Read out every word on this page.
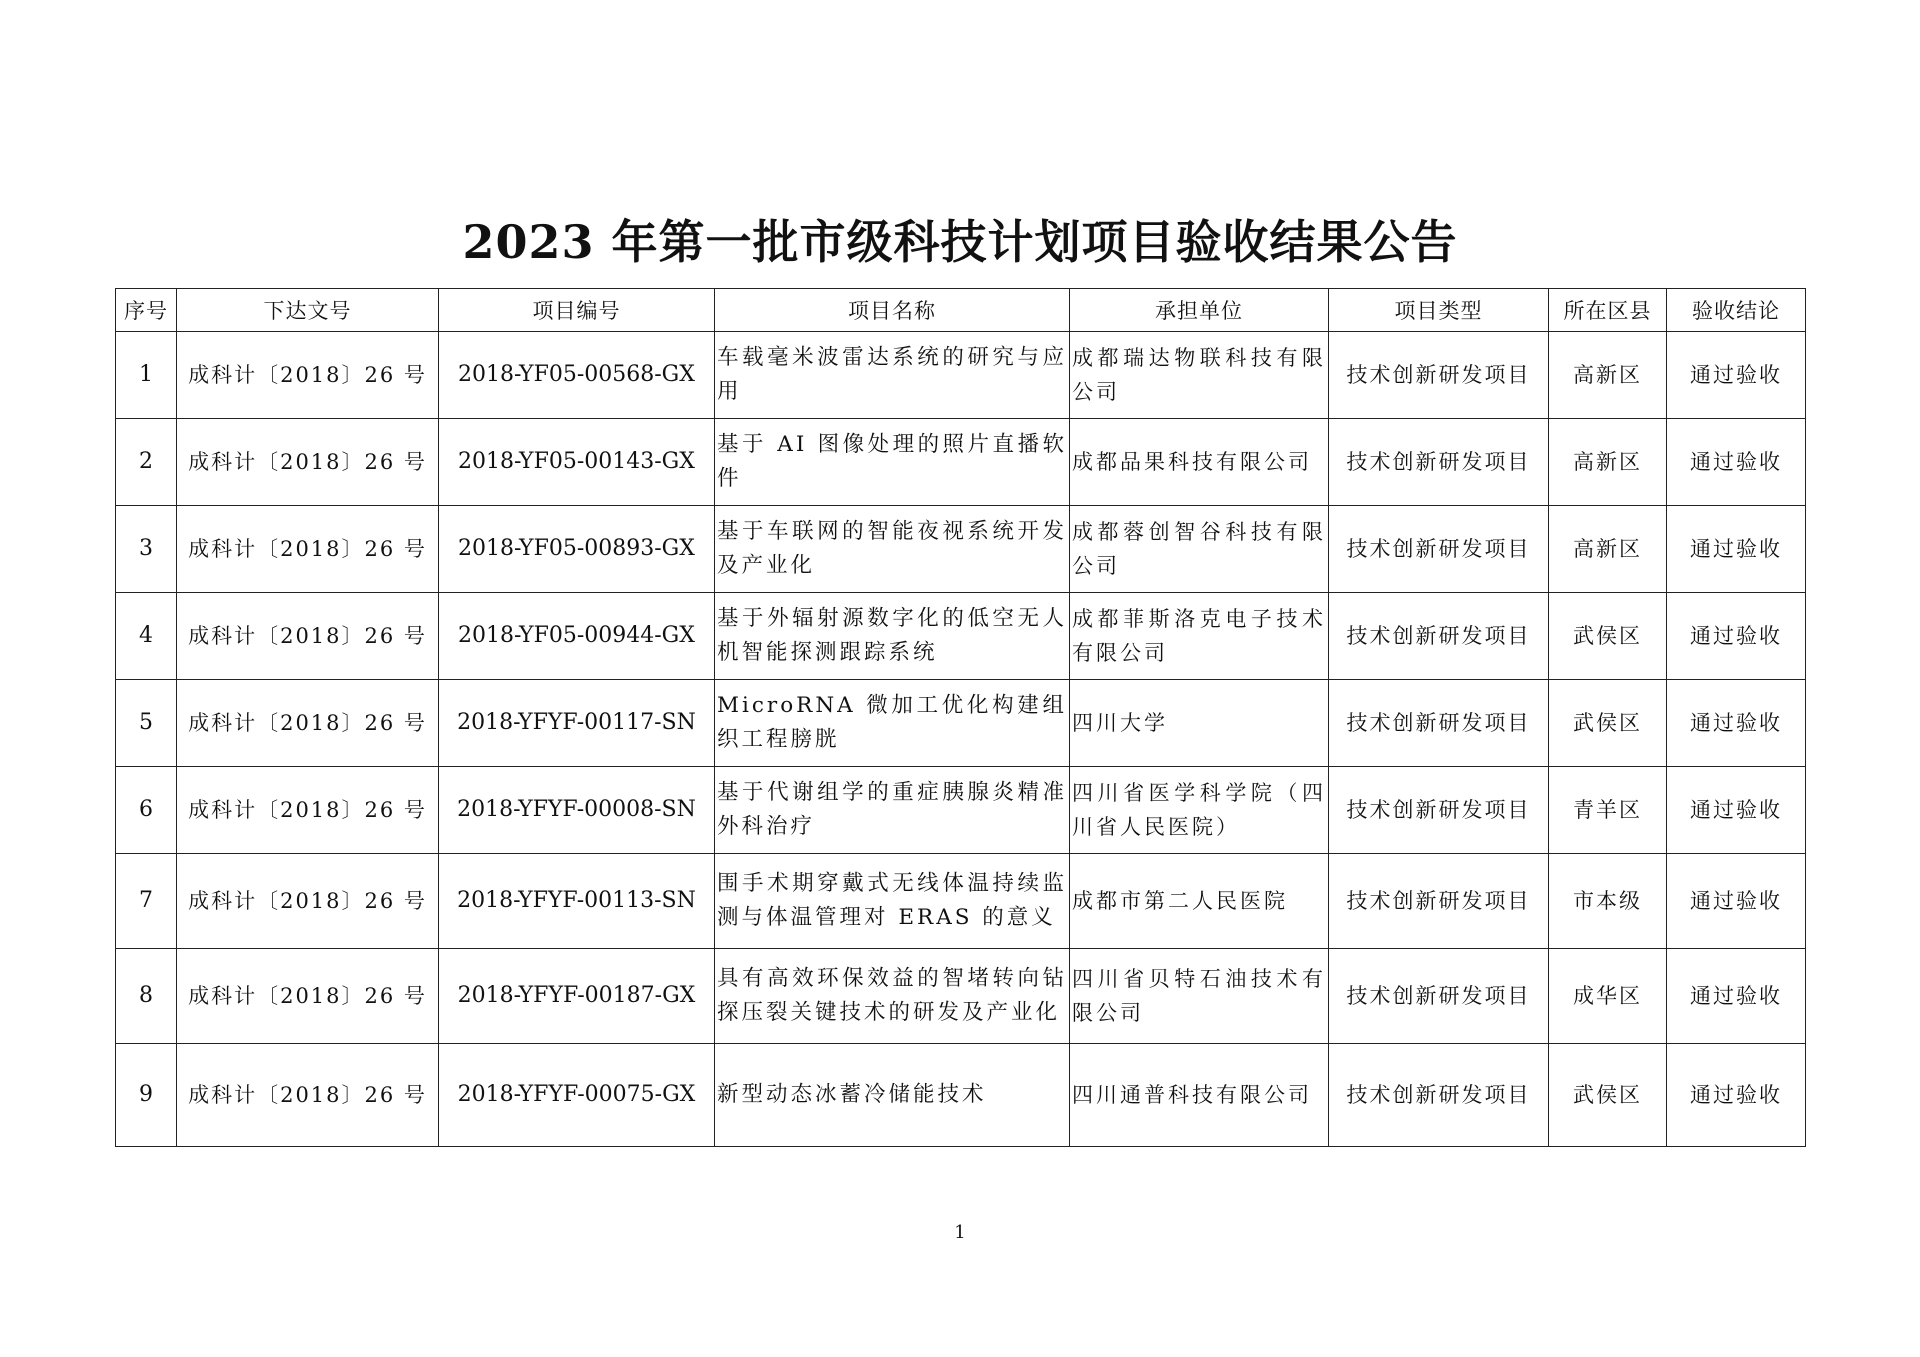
2023 年第一批市级科技计划项目验收结果公告
序号	下达文号	项目编号	项目名称	承担单位	项目类型	所在区县	验收结论
1	成科计〔2018〕26 号	2018-YF05-00568-GX	车载毫米波雷达系统的研究与应用	成都瑞达物联科技有限公司	技术创新研发项目	高新区	通过验收
2	成科计〔2018〕26 号	2018-YF05-00143-GX	基于 AI 图像处理的照片直播软件	成都品果科技有限公司	技术创新研发项目	高新区	通过验收
3	成科计〔2018〕26 号	2018-YF05-00893-GX	基于车联网的智能夜视系统开发及产业化	成都蓉创智谷科技有限公司	技术创新研发项目	高新区	通过验收
4	成科计〔2018〕26 号	2018-YF05-00944-GX	基于外辐射源数字化的低空无人机智能探测跟踪系统	成都菲斯洛克电子技术有限公司	技术创新研发项目	武侯区	通过验收
5	成科计〔2018〕26 号	2018-YFYF-00117-SN	MicroRNA 微加工优化构建组织工程膀胱	四川大学	技术创新研发项目	武侯区	通过验收
6	成科计〔2018〕26 号	2018-YFYF-00008-SN	基于代谢组学的重症胰腺炎精准外科治疗	四川省医学科学院（四川省人民医院）	技术创新研发项目	青羊区	通过验收
7	成科计〔2018〕26 号	2018-YFYF-00113-SN	围手术期穿戴式无线体温持续监测与体温管理对 ERAS 的意义	成都市第二人民医院	技术创新研发项目	市本级	通过验收
8	成科计〔2018〕26 号	2018-YFYF-00187-GX	具有高效环保效益的智堵转向钻探压裂关键技术的研发及产业化	四川省贝特石油技术有限公司	技术创新研发项目	成华区	通过验收
9	成科计〔2018〕26 号	2018-YFYF-00075-GX	新型动态冰蓄冷储能技术	四川通普科技有限公司	技术创新研发项目	武侯区	通过验收
1
